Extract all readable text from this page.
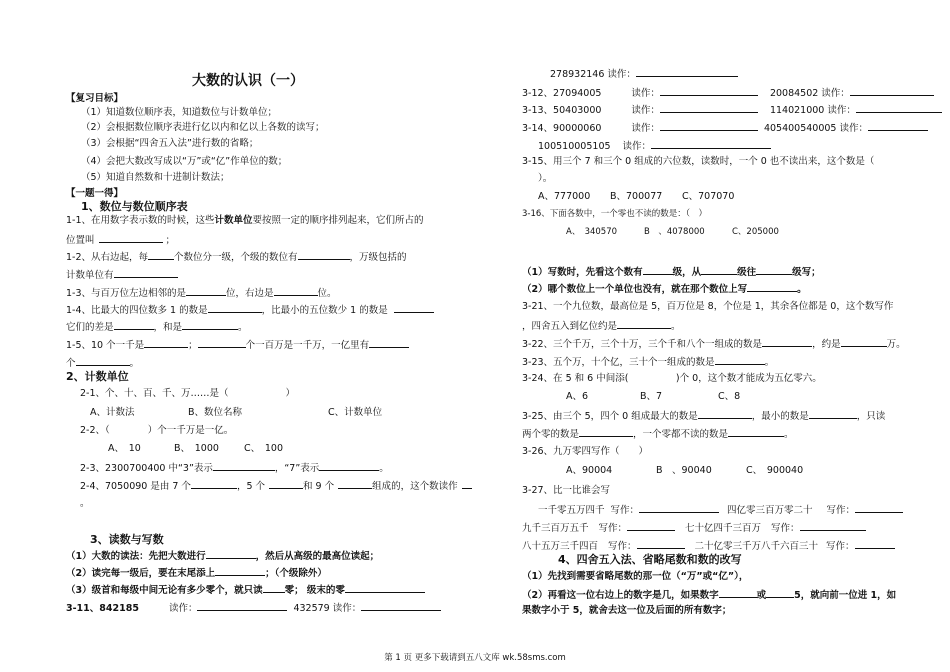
大数的认识（一）
【复习目标】
（1）知道数位顺序表，知道数位与计数单位；
（2）会根据数位顺序表进行亿以内和亿以上各数的读写；
（3）会根据“四舍五入法”进行数的省略；
（4）会把大数改写成以“万”或“亿”作单位的数；
（5）知道自然数和十进制计数法；
【一题一得】
1、数位与数位顺序表
1-1、在用数字表示数的时候，这些计数单位要按照一定的顺序排列起来，它们所占的
位置叫	；
1-2、从右边起，每	个数位分一级，个级的数位有	，万级包括的
计数单位有
1-3、与百万位左边相邻的是	位，右边是	位。
1-4、比最大的四位数多 1 的数是	，比最小的五位数少 1 的数是
它们的差是	，和是	。
1-5、10 个一千是	；	个一百万是一千万，一亿里有
个	。
2、计数单位
2-1、个、十、百、千、万……是（　　　　　　）
A、计数法	B、数位名称	C、计数单位
2-2、（　　　　）个一千万是一亿。
A、　10	B、　1000	C、　100
2-3、2300700400 中“3”表示	，“7”表示	。
2-4、7050090 是由 7 个	，5 个	和 9 个	组成的，这个数读作
。
3、读数与写数
（1）大数的读法：先把大数进行	，然后从高级的最高位读起；
（2）读完每一级后，要在末尾添上	；（个级除外）
（3）级首和每级中间无论有多少零个，就只读 零； 级末的零
3-11、842185	读作：	432579 读作：
278932146 读作：
3-12、27094005	读作：	20084502 读作：
3-13、50403000	读作：	114021000 读作：
3-14、90000060	读作：	405400540005 读作：
100510005105 读作：
3-15、用三个 7 和三个 0 组成的六位数，读数时，一个 0 也不读出来，这个数是（
）。
A、777000 B、700077 C、707070
3-16、下面各数中，一个零也不读的数是：（　）
A、　340570	B　、4078000	C、205000
（1）写数时，先看这个数有	级，从	级往	级写；
（2）哪个数位上一个单位也没有，就在那个数位上写	。
3-21、一个九位数，最高位是 5，百万位是 8，个位是 1，其余各位都是 0，这个数写作
，四舍五入到亿位约是	。
3-22、三个千万，三个十万，三个千和八个一组成的数是	，约是	万。
3-23、五个万，十个亿，三十个一组成的数是	。
3-24、在 5 和 6 中间添(　　　　　)个 0，这个数才能成为五亿零六。
A、6	B、7	C、8
3-25、由三个 5，四个 0 组成最大的数是	，最小的数是	，只读
两个零的数是	，一个零都不读的数是	。
3-26、九万零四写作（　　）
A、90004	B　、90040	C、　900040
3-27、比一比谁会写
一千零五万四千 写作：	四亿零三百万零二十 写作：
九千三百万五千 写作：	七十亿四千三百万 写作：
八十五万三千四百 写作：	二十亿零三千万八千六百三十 写作：
4、四舍五入法、省略尾数和数的改写
（1）先找到需要省略尾数的那一位（“万”或“亿”），
（2）再看这一位右边上的数字是几，如果数字	或	5，就向前一位进 1，如
果数字小于 5，就舍去这一位及后面的所有数字；
第 1 页 更多下载请到五八文库 wk.58sms.com
